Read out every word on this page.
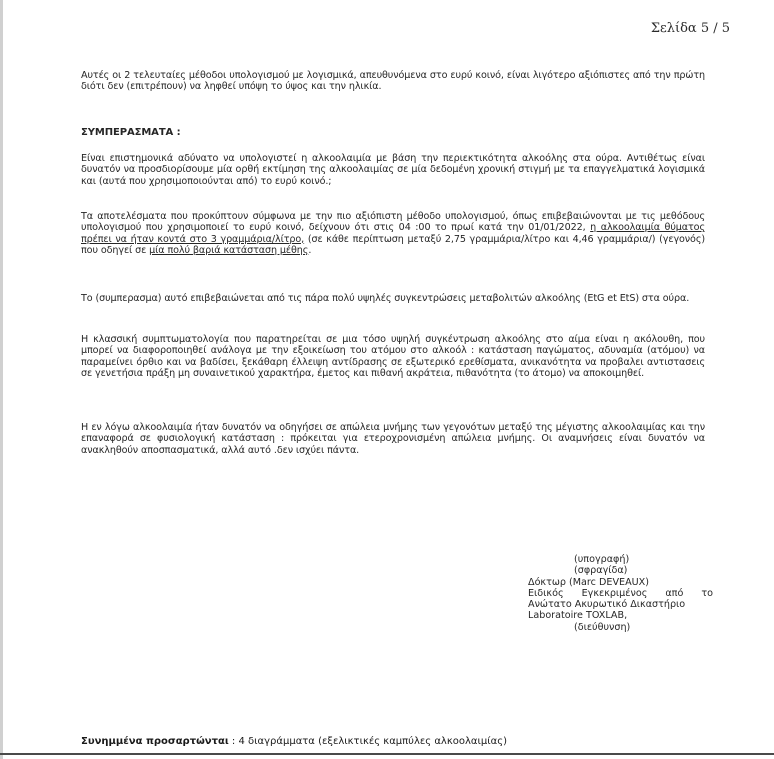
Σελίδα 5 / 5
Αυτές οι 2 τελευταίες μέθοδοι υπολογισμού με λογισμικά, απευθυνόμενα στο ευρύ κοινό, είναι λιγότερο αξιόπιστες από την πρώτη διότι δεν (επιτρέπουν) να ληφθεί υπόψη το ύψος και την ηλικία.
ΣΥΜΠΕΡΑΣΜΑΤΑ :
Είναι επιστημονικά αδύνατο να υπολογιστεί η αλκοολαιμία με βάση την περιεκτικότητα αλκοόλης στα ούρα. Αντιθέτως είναι δυνατόν να προσδιορίσουμε μία ορθή εκτίμηση της αλκοολαιμίας σε μία δεδομένη χρονική στιγμή με τα επαγγελματικά λογισμικά και (αυτά που χρησιμοποιούνται από) το ευρύ κοινό.;
Τα αποτελέσματα που προκύπτουν σύμφωνα με την πιο αξιόπιστη μέθοδο υπολογισμού, όπως επιβεβαιώνονται με τις μεθόδους υπολογισμού που χρησιμοποιεί το ευρύ κοινό, δείχνουν ότι στις 04 :00 το πρωί κατά την 01/01/2022, η αλκοολαιμία θύματος πρέπει να ήταν κοντά στο 3 γραμμάρια/λίτρο, (σε κάθε περίπτωση μεταξύ 2,75 γραμμάρια/λίτρο και 4,46 γραμμάρια/) (γεγονός) που οδηγεί σε μία πολύ βαριά κατάσταση μέθης.
Το (συμπερασμα) αυτό επιβεβαιώνεται από τις πάρα πολύ υψηλές συγκεντρώσεις μεταβολιτών αλκοόλης (EtG et EtS) στα ούρα.
Η κλασσική συμπτωματολογία που παρατηρείται σε μια τόσο υψηλή συγκέντρωση αλκοόλης στο αίμα είναι η ακόλουθη, που μπορεί να διαφοροποιηθεί ανάλογα με την εξοικείωση του ατόμου στο αλκοόλ : κατάσταση παγώματος, αδυναμία (ατόμου) να παραμείνει όρθιο και να βαδίσει, ξεκάθαρη έλλειψη αντίδρασης σε εξωτερικό ερεθίσματα, ανικανότητα να προβαλει αντιστασεις σε γενετήσια πράξη μη συναινετικού χαρακτήρα, έμετος και πιθανή ακράτεια, πιθανότητα (το άτομο) να αποκοιμηθεί.
Η εν λόγω αλκοολαιμία ήταν δυνατόν να οδηγήσει σε απώλεια μνήμης των γεγονότων μεταξύ της μέγιστης αλκοολαιμίας και την επαναφορά σε φυσιολογική κατάσταση : πρόκειται για ετεροχρονισμένη απώλεια μνήμης. Οι αναμνήσεις είναι δυνατόν να ανακληθούν αποσπασματικά, αλλά αυτό .δεν ισχύει πάντα.
(υπογραφή)
(σφραγίδα)
Δόκτωρ (Marc DEVEAUX)
Ειδικός Εγκεκριμένος από το
Ανώτατο Ακυρωτικό Δικαστήριο
Laboratoire TOXLAB,
(διεύθυνση)
Συνημμένα προσαρτώνται : 4 διαγράμματα (εξελικτικές καμπύλες αλκοολαιμίας)
